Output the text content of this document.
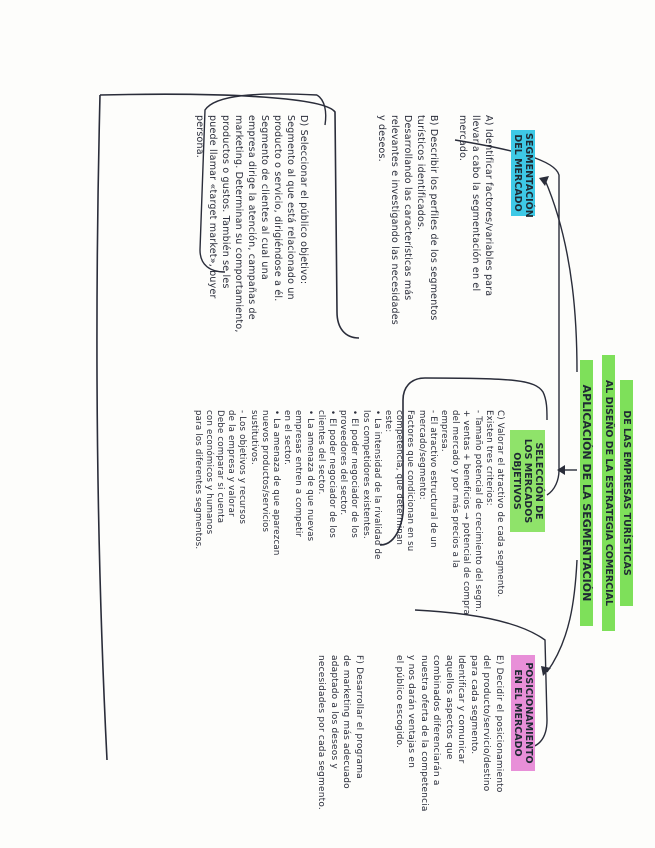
APLICACIÓN DE LA SEGMENTACIÓN AL DISEÑO DE LA ESTRATEGIA COMERCIAL DE LAS EMPRESAS TURÍSTICAS
SEGMENTACIÓN DEL MERCADO
SELECCIÓN DE LOS MERCADOS OBJETIVOS
POSICIONAMIENTO EN EL MERCADO
A) Identificar factores/variables para
llevar a cabo la segmentación en el
mercado.
B) Describir los perfiles de los segmentos
turísticos identificados.
Desarrollando las características más
relevantes e investigando las necesidades
y deseos.
D) Seleccionar el público objetivo:
Segmento al que está relacionado un
producto o servicio, dirigiéndose a él.
Segmento de clientes al cual una
empresa dirige la atención, campañas de
marketing. Determinan su comportamiento,
productos o gustos. También se les
puede llamar «target market», buyer
persona.
C) Valorar el atractivo de cada segmento.
Existen tres criterios:
- Tamaño potencial de crecimiento del segm.
+ ventas + beneficios → potencial de compra
del mercado y por más precios a la
empresa.
- El atractivo estructural de un
mercado/segmento:
Factores que condicionan en su
competencia, que determinan
este:
• La intensidad de la rivalidad de
los competidores existentes.
• El poder negociador de los
proveedores del sector.
• El poder negociador de los
clientes del sector.
• La amenaza de que nuevas
empresas entren a competir
en el sector.
• La amenaza de que aparezcan
nuevos productos/servicios
sustitutivos.
- Los objetivos y recursos
de la empresa y valorar
Debe comparar si cuenta
con económicos y humanos
para los diferentes segmentos.
E) Decidir el posicionamiento
del producto/servicio/destino
para cada segmento.
Identificar y comunicar
aquellos aspectos que
combinados diferenciarán a
nuestra oferta de la competencia
y nos darán ventajas en
el público escogido.
F) Desarrollar el programa
de marketing más adecuado
adaptado a los deseos y
necesidades por cada segmento.
